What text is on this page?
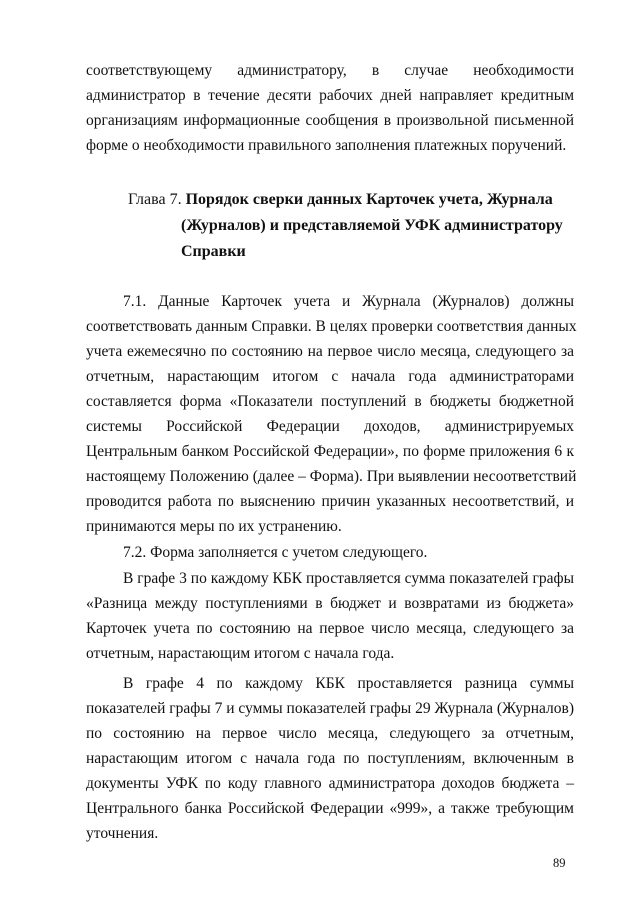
соответствующему администратору, в случае необходимости
администратор в течение десяти рабочих дней направляет кредитным
организациям информационные сообщения в произвольной письменной
форме о необходимости правильного заполнения платежных поручений.
Глава 7. Порядок сверки данных Карточек учета, Журнала
(Журналов) и представляемой УФК администратору
Справки
7.1. Данные Карточек учета и Журнала (Журналов) должны
соответствовать данным Справки. В целях проверки соответствия данных
учета ежемесячно по состоянию на первое число месяца, следующего за
отчетным, нарастающим итогом с начала года администраторами
составляется форма «Показатели поступлений в бюджеты бюджетной
системы Российской Федерации доходов, администрируемых
Центральным банком Российской Федерации», по форме приложения 6 к
настоящему Положению (далее – Форма). При выявлении несоответствий
проводится работа по выяснению причин указанных несоответствий, и
принимаются меры по их устранению.
7.2. Форма заполняется с учетом следующего.
В графе 3 по каждому КБК проставляется сумма показателей графы
«Разница между поступлениями в бюджет и возвратами из бюджета»
Карточек учета по состоянию на первое число месяца, следующего за
отчетным, нарастающим итогом с начала года.
В графе 4 по каждому КБК проставляется разница суммы
показателей графы 7 и суммы показателей графы 29 Журнала (Журналов)
по состоянию на первое число месяца, следующего за отчетным,
нарастающим итогом с начала года по поступлениям, включенным в
документы УФК по коду главного администратора доходов бюджета –
Центрального банка Российской Федерации «999», а также требующим
уточнения.
89
